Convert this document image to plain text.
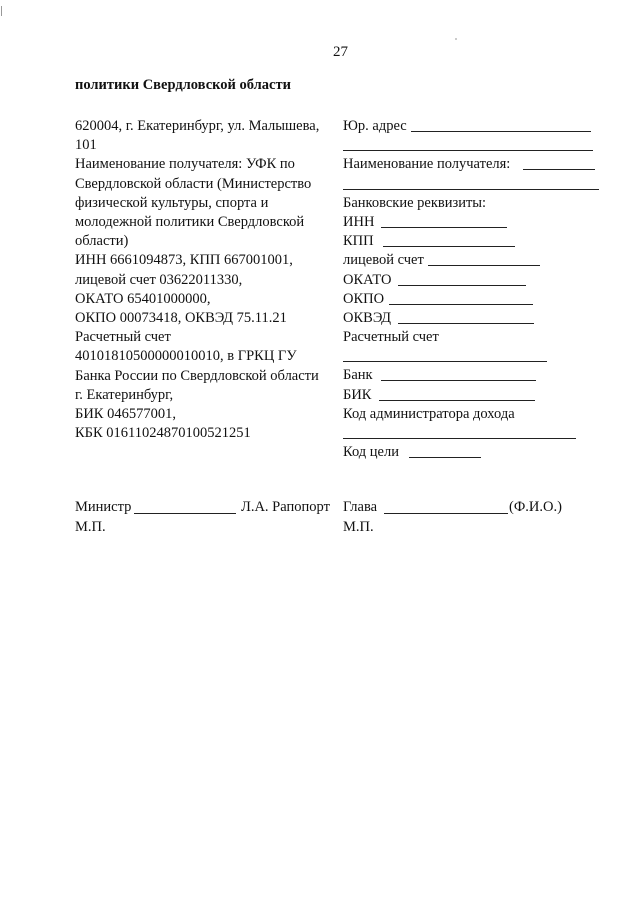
27
политики Свердловской области
620004, г. Екатеринбург, ул. Малышева,
101
Наименование получателя: УФК по
Свердловской области (Министерство
физической культуры, спорта и
молодежной политики Свердловской
области)
ИНН 6661094873, КПП 667001001,
лицевой счет 03622011330,
ОКАТО 65401000000,
ОКПО 00073418, ОКВЭД 75.11.21
Расчетный счет
40101810500000010010, в ГРКЦ ГУ
Банка России по Свердловской области
г. Екатеринбург,
БИК 046577001,
КБК 01611024870100521251
Юр. адрес
Наименование получателя:
Банковские реквизиты:
ИНН
КПП
лицевой счет
ОКАТО
ОКПО
ОКВЭД
Расчетный счет
Банк
БИК
Код администратора дохода
Код цели
Министр	Л.А. Рапопорт
М.П.
Глава	(Ф.И.О.)
М.П.
